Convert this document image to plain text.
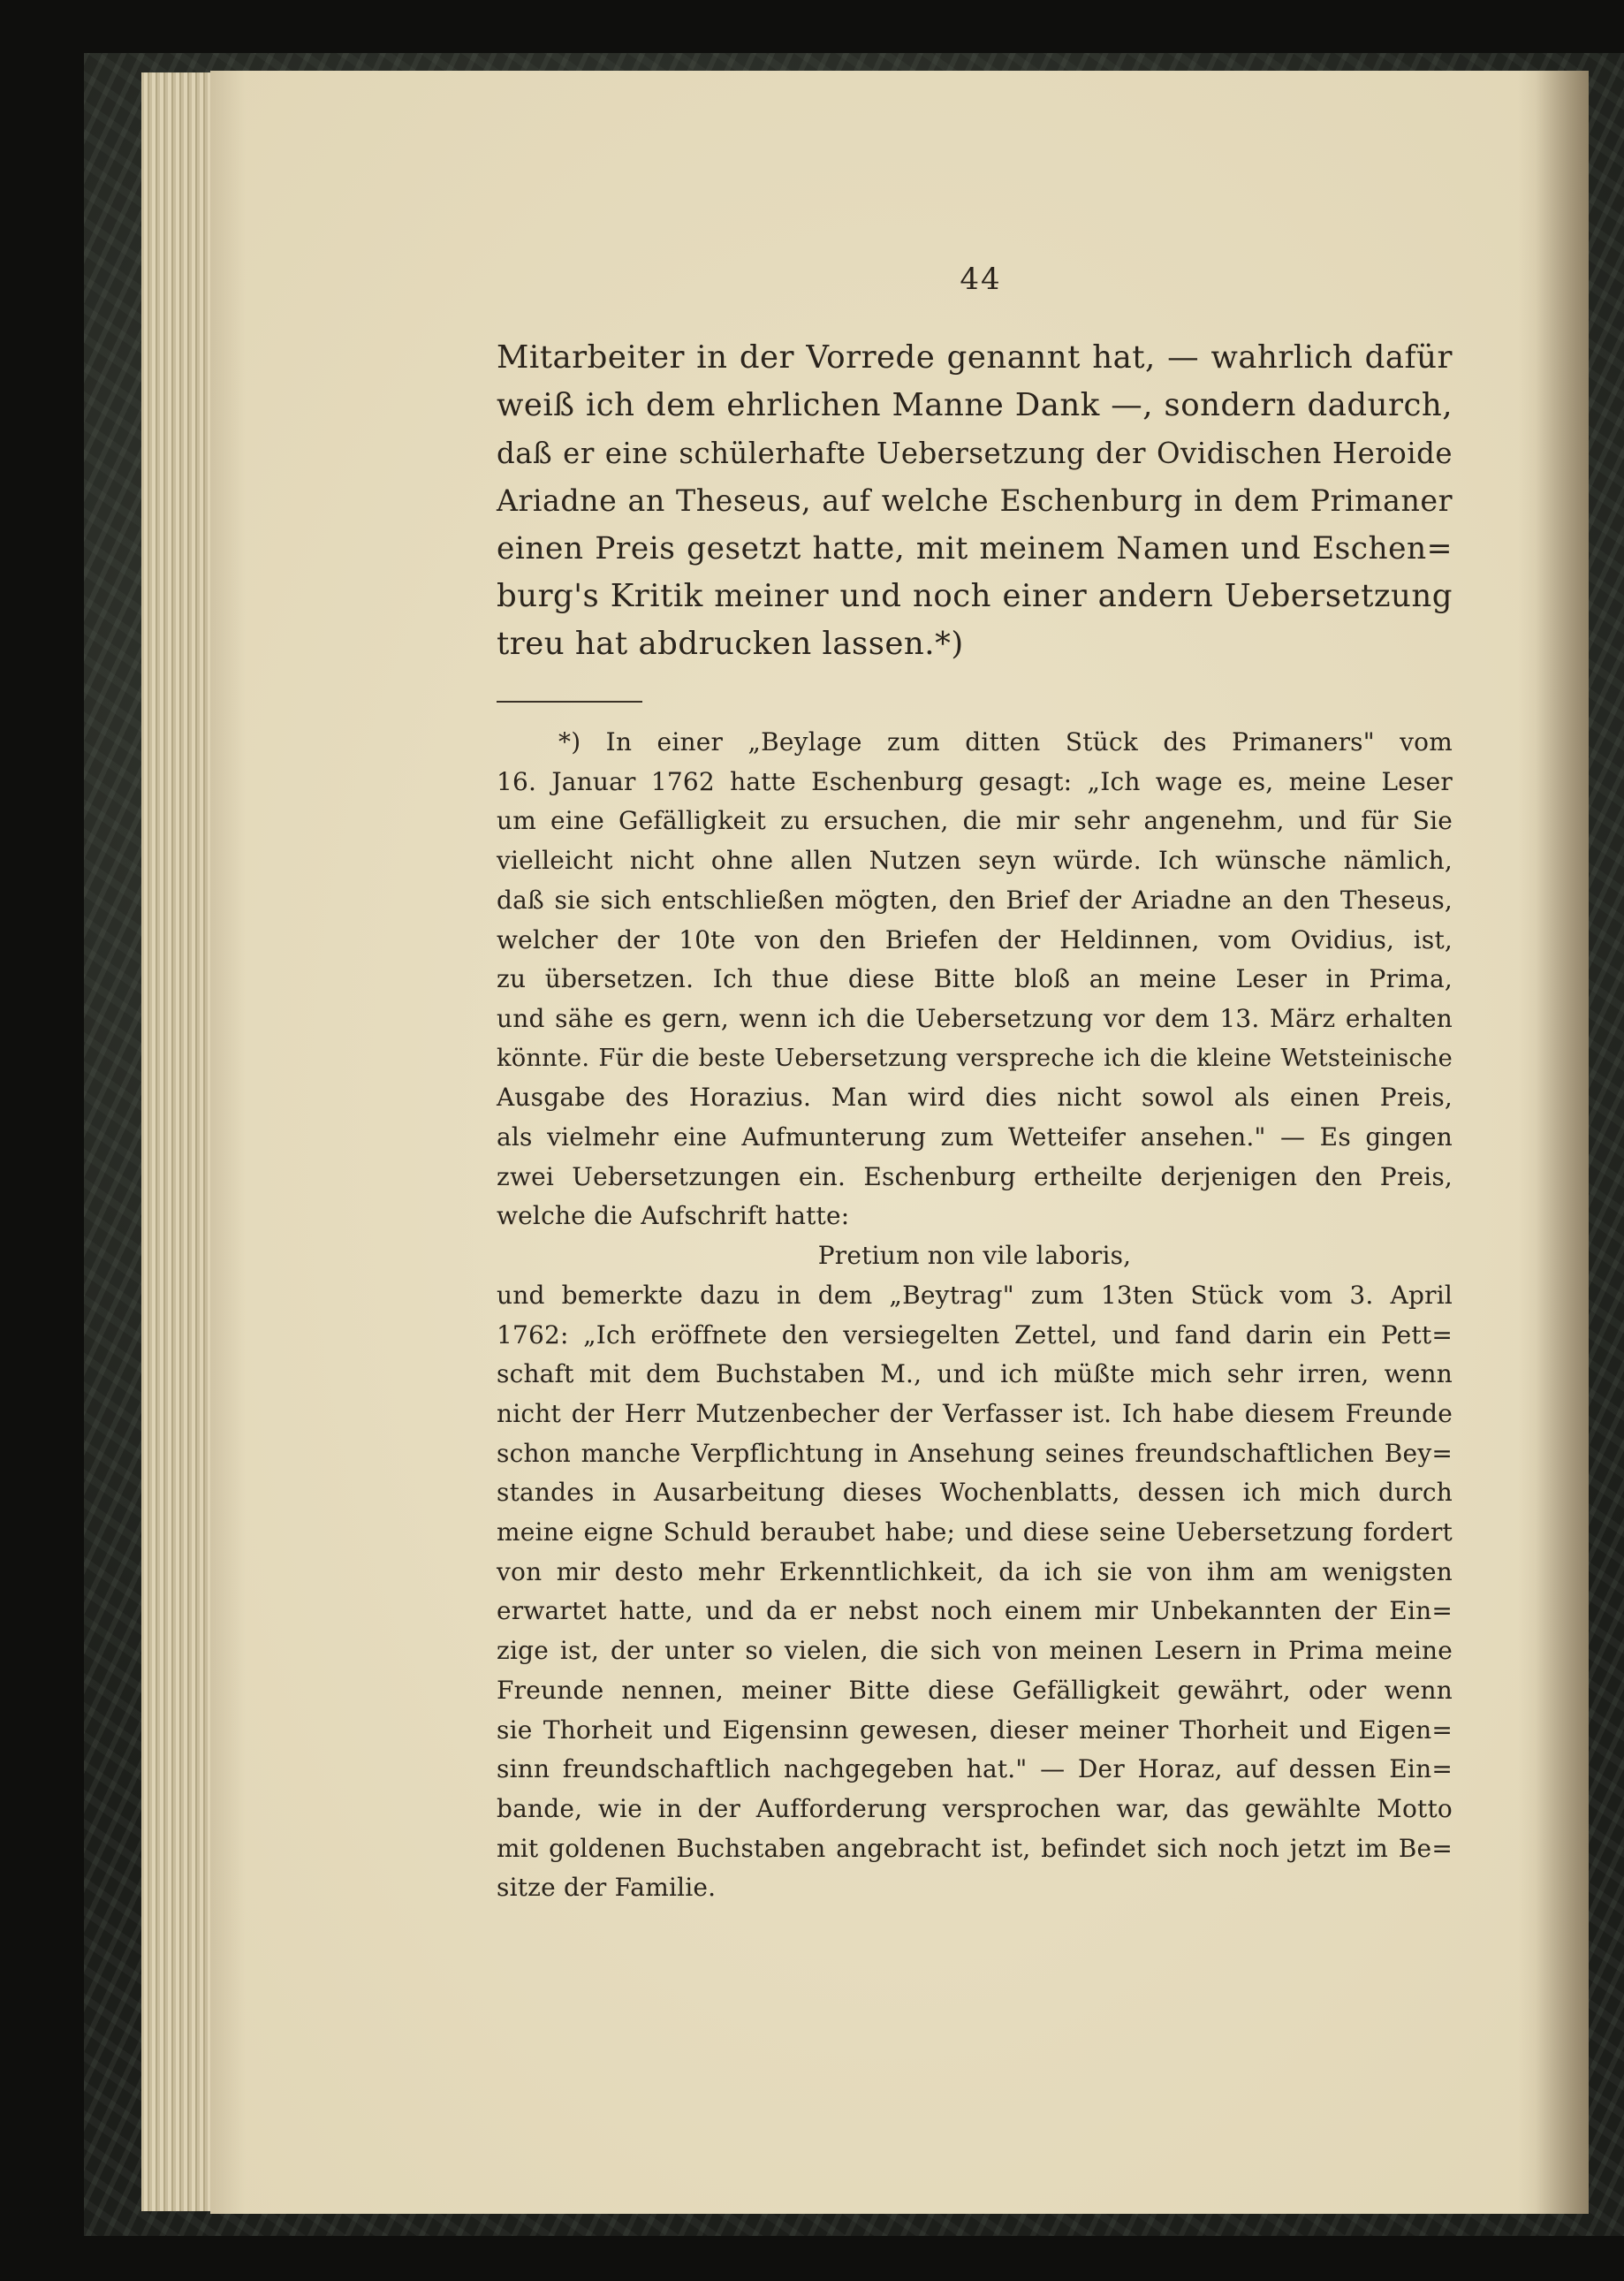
44
Mitarbeiter in der Vorrede genannt hat, — wahrlich dafür
weiß ich dem ehrlichen Manne Dank —, sondern dadurch,
daß er eine schülerhafte Uebersetzung der Ovidischen Heroide
Ariadne an Theseus, auf welche Eschenburg in dem Primaner
einen Preis gesetzt hatte, mit meinem Namen und Eschen=
burg's Kritik meiner und noch einer andern Uebersetzung
treu hat abdrucken lassen.*)
*) In einer „Beylage zum ditten Stück des Primaners" vom
16. Januar 1762 hatte Eschenburg gesagt: „Ich wage es, meine Leser
um eine Gefälligkeit zu ersuchen, die mir sehr angenehm, und für Sie
vielleicht nicht ohne allen Nutzen seyn würde. Ich wünsche nämlich,
daß sie sich entschließen mögten, den Brief der Ariadne an den Theseus,
welcher der 10te von den Briefen der Heldinnen, vom Ovidius, ist,
zu übersetzen. Ich thue diese Bitte bloß an meine Leser in Prima,
und sähe es gern, wenn ich die Uebersetzung vor dem 13. März erhalten
könnte. Für die beste Uebersetzung verspreche ich die kleine Wetsteinische
Ausgabe des Horazius. Man wird dies nicht sowol als einen Preis,
als vielmehr eine Aufmunterung zum Wetteifer ansehen." — Es gingen
zwei Uebersetzungen ein. Eschenburg ertheilte derjenigen den Preis,
welche die Aufschrift hatte:
Pretium non vile laboris,
und bemerkte dazu in dem „Beytrag" zum 13ten Stück vom 3. April
1762: „Ich eröffnete den versiegelten Zettel, und fand darin ein Pett=
schaft mit dem Buchstaben M., und ich müßte mich sehr irren, wenn
nicht der Herr Mutzenbecher der Verfasser ist. Ich habe diesem Freunde
schon manche Verpflichtung in Ansehung seines freundschaftlichen Bey=
standes in Ausarbeitung dieses Wochenblatts, dessen ich mich durch
meine eigne Schuld beraubet habe; und diese seine Uebersetzung fordert
von mir desto mehr Erkenntlichkeit, da ich sie von ihm am wenigsten
erwartet hatte, und da er nebst noch einem mir Unbekannten der Ein=
zige ist, der unter so vielen, die sich von meinen Lesern in Prima meine
Freunde nennen, meiner Bitte diese Gefälligkeit gewährt, oder wenn
sie Thorheit und Eigensinn gewesen, dieser meiner Thorheit und Eigen=
sinn freundschaftlich nachgegeben hat." — Der Horaz, auf dessen Ein=
bande, wie in der Aufforderung versprochen war, das gewählte Motto
mit goldenen Buchstaben angebracht ist, befindet sich noch jetzt im Be=
sitze der Familie.
